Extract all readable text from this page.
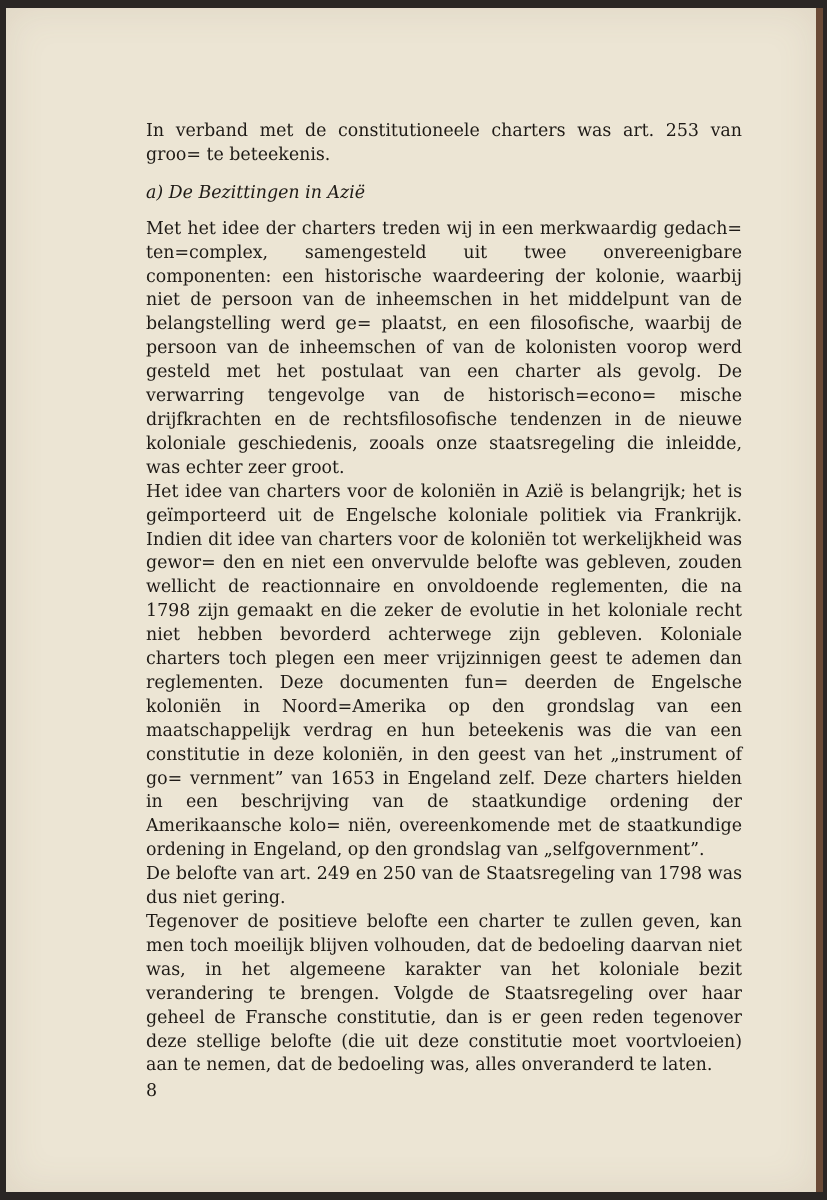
In verband met de constitutioneele charters was art. 253 van groo= te beteekenis.

a) De Bezittingen in Azië

Met het idee der charters treden wij in een merkwaardig gedach= ten=complex, samengesteld uit twee onvereenigbare componenten: een historische waardeering der kolonie, waarbij niet de persoon van de inheemschen in het middelpunt van de belangstelling werd ge= plaatst, en een filosofische, waarbij de persoon van de inheemschen of van de kolonisten voorop werd gesteld met het postulaat van een charter als gevolg. De verwarring tengevolge van de historisch=econo= mische drijfkrachten en de rechtsfilosofische tendenzen in de nieuwe koloniale geschiedenis, zooals onze staatsregeling die inleidde, was echter zeer groot.

Het idee van charters voor de koloniën in Azië is belangrijk; het is geïmporteerd uit de Engelsche koloniale politiek via Frankrijk. Indien dit idee van charters voor de koloniën tot werkelijkheid was gewor= den en niet een onvervulde belofte was gebleven, zouden wellicht de reactionnaire en onvoldoende reglementen, die na 1798 zijn gemaakt en die zeker de evolutie in het koloniale recht niet hebben bevorderd achterwege zijn gebleven. Koloniale charters toch plegen een meer vrijzinnigen geest te ademen dan reglementen. Deze documenten fun= deerden de Engelsche koloniën in Noord=Amerika op den grondslag van een maatschappelijk verdrag en hun beteekenis was die van een constitutie in deze koloniën, in den geest van het „instrument of go= vernment” van 1653 in Engeland zelf. Deze charters hielden in een beschrijving van de staatkundige ordening der Amerikaansche kolo= niën, overeenkomende met de staatkundige ordening in Engeland, op den grondslag van „selfgovernment”.

De belofte van art. 249 en 250 van de Staatsregeling van 1798 was dus niet gering.

Tegenover de positieve belofte een charter te zullen geven, kan men toch moeilijk blijven volhouden, dat de bedoeling daarvan niet was, in het algemeene karakter van het koloniale bezit verandering te brengen. Volgde de Staatsregeling over haar geheel de Fransche constitutie, dan is er geen reden tegenover deze stellige belofte (die uit deze constitutie moet voortvloeien) aan te nemen, dat de bedoeling was, alles onveranderd te laten.

8
